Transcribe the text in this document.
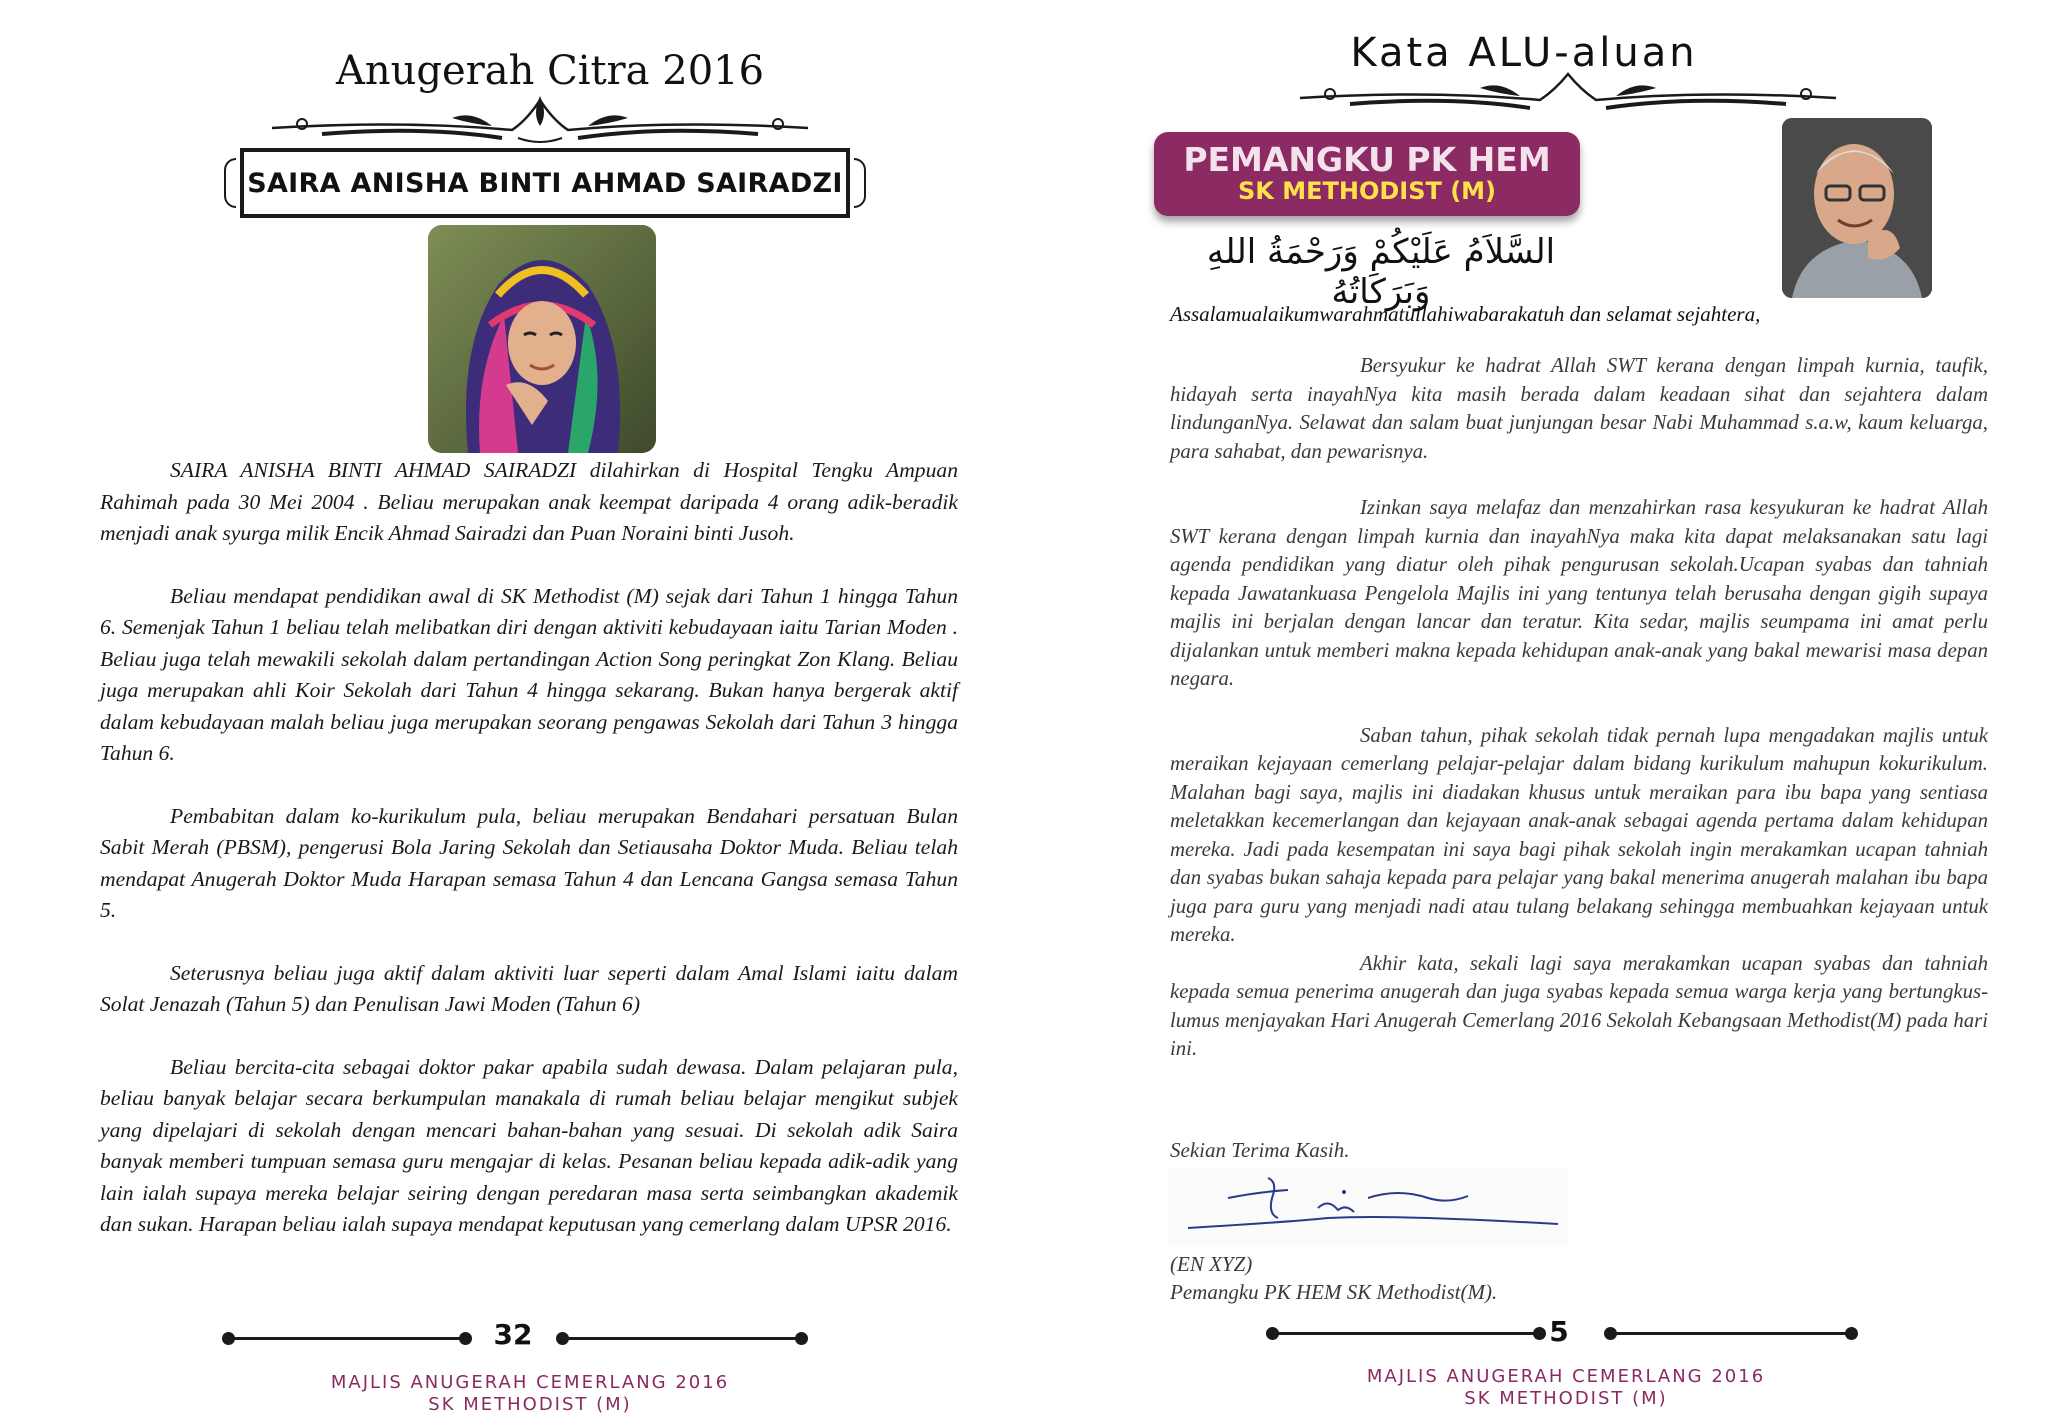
Anugerah Citra 2016
SAIRA ANISHA BINTI AHMAD SAIRADZI

SAIRA ANISHA BINTI AHMAD SAIRADZI dilahirkan di Hospital Tengku Ampuan Rahimah pada 30 Mei 2004 . Beliau merupakan anak keempat daripada 4 orang adik-beradik menjadi anak syurga milik Encik Ahmad Sairadzi dan Puan Noraini binti Jusoh.

Beliau mendapat pendidikan awal di SK Methodist (M) sejak dari Tahun 1 hingga Tahun 6. Semenjak Tahun 1 beliau telah melibatkan diri dengan aktiviti kebudayaan iaitu Tarian Moden . Beliau juga telah mewakili sekolah dalam pertandingan Action Song peringkat Zon Klang. Beliau juga merupakan ahli Koir Sekolah dari Tahun 4 hingga sekarang. Bukan hanya bergerak aktif dalam kebudayaan malah beliau juga merupakan seorang pengawas Sekolah dari Tahun 3 hingga Tahun 6.

Pembabitan dalam ko-kurikulum pula, beliau merupakan Bendahari persatuan Bulan Sabit Merah (PBSM), pengerusi Bola Jaring Sekolah dan Setiausaha Doktor Muda. Beliau telah mendapat Anugerah Doktor Muda Harapan semasa Tahun 4 dan Lencana Gangsa semasa Tahun 5.

Seterusnya beliau juga aktif dalam aktiviti luar seperti dalam Amal Islami iaitu dalam Solat Jenazah (Tahun 5) dan Penulisan Jawi Moden (Tahun 6)

Beliau bercita-cita sebagai doktor pakar apabila sudah dewasa. Dalam pelajaran pula, beliau banyak belajar secara berkumpulan manakala di rumah beliau belajar mengikut subjek yang dipelajari di sekolah dengan mencari bahan-bahan yang sesuai. Di sekolah adik Saira banyak memberi tumpuan semasa guru mengajar di kelas. Pesanan beliau kepada adik-adik yang lain ialah supaya mereka belajar seiring dengan peredaran masa serta seimbangkan akademik dan sukan. Harapan beliau ialah supaya mendapat keputusan yang cemerlang dalam UPSR 2016.

32
MAJLIS ANUGERAH CEMERLANG 2016
SK METHODIST (M)
Kata ALU-aluan
PEMANGKU PK HEM
SK METHODIST (M)
السَّلاَمُ عَلَيْكُمْ وَرَحْمَةُ اللهِ وَبَرَكَاتُهُ
Assalamualaikumwarahmatullahiwabarakatuh dan selamat sejahtera,

Bersyukur ke hadrat Allah SWT kerana dengan limpah kurnia, taufik, hidayah serta inayahNya kita masih berada dalam keadaan sihat dan sejahtera dalam lindunganNya. Selawat dan salam buat junjungan besar Nabi Muhammad s.a.w, kaum keluarga, para sahabat, dan pewarisnya.

Izinkan saya melafaz dan menzahirkan rasa kesyukuran ke hadrat Allah SWT kerana dengan limpah kurnia dan inayahNya maka kita dapat melaksanakan satu lagi agenda pendidikan yang diatur oleh pihak pengurusan sekolah.Ucapan syabas dan tahniah kepada Jawatankuasa Pengelola Majlis ini yang tentunya telah berusaha dengan gigih supaya majlis ini berjalan dengan lancar dan teratur. Kita sedar, majlis seumpama ini amat perlu dijalankan untuk memberi makna kepada kehidupan anak-anak yang bakal mewarisi masa depan negara.

Saban tahun, pihak sekolah tidak pernah lupa mengadakan majlis untuk meraikan kejayaan cemerlang pelajar-pelajar dalam bidang kurikulum mahupun kokurikulum. Malahan bagi saya, majlis ini diadakan khusus untuk meraikan para ibu bapa yang sentiasa meletakkan kecemerlangan dan kejayaan anak-anak sebagai agenda pertama dalam kehidupan mereka. Jadi pada kesempatan ini saya bagi pihak sekolah ingin merakamkan ucapan tahniah dan syabas bukan sahaja kepada para pelajar yang bakal menerima anugerah malahan ibu bapa juga para guru yang menjadi nadi atau tulang belakang sehingga membuahkan kejayaan untuk mereka.

Akhir kata, sekali lagi saya merakamkan ucapan syabas dan tahniah kepada semua penerima anugerah dan juga syabas kepada semua warga kerja yang bertungkus-lumus menjayakan Hari Anugerah Cemerlang 2016 Sekolah Kebangsaan Methodist(M) pada hari ini.

Sekian Terima Kasih.
(EN XYZ)
Pemangku PK HEM SK Methodist(M).
5
MAJLIS ANUGERAH CEMERLANG 2016
SK METHODIST (M)
